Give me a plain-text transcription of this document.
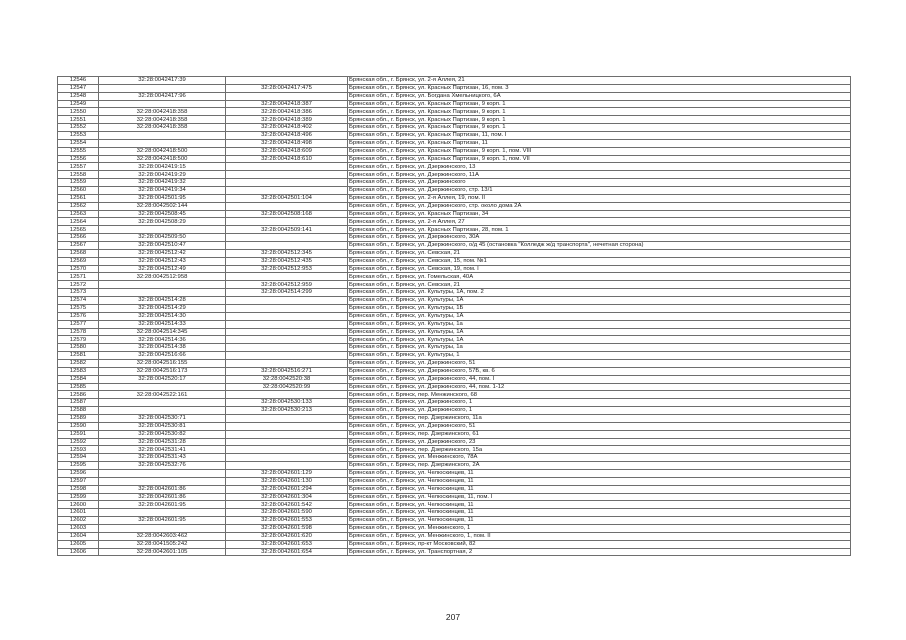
12546	32:28:0042417:39		Брянская обл., г. Брянск, ул. 2-я Аллея, 21
12547		32:28:0042417:475	Брянская обл., г. Брянск, ул. Красных Партизан, 16, пом. 3
12548	32:28:0042417:96		Брянская обл., г. Брянск, ул. Богдана Хмельницкого, 6А
12549		32:28:0042418:387	Брянская обл., г. Брянск, ул. Красных Партизан, 9 корп. 1
12550	32:28:0042418:358	32:28:0042418:386	Брянская обл., г. Брянск, ул. Красных Партизан, 9 корп. 1
12551	32:28:0042418:358	32:28:0042418:389	Брянская обл., г. Брянск, ул. Красных Партизан, 9 корп. 1
12552	32:28:0042418:358	32:28:0042418:402	Брянская обл., г. Брянск, ул. Красных Партизан, 9 корп. 1
12553		32:28:0042418:496	Брянская обл., г. Брянск, ул. Красных Партизан, 11, пом. I
12554		32:28:0042418:498	Брянская обл., г. Брянск, ул. Красных Партизан, 11
12555	32:28:0042418:500	32:28:0042418:609	Брянская обл., г. Брянск, ул. Красных Партизан, 9 корп. 1, пом. VIII
12556	32:28:0042418:500	32:28:0042418:610	Брянская обл., г. Брянск, ул. Красных Партизан, 9 корп. 1, пом. VII
12557	32:28:0042419:15		Брянская обл., г. Брянск, ул. Дзержинского, 13
12558	32:28:0042419:29		Брянская обл., г. Брянск, ул. Дзержинского, 11А
12559	32:28:0042419:32		Брянская обл., г. Брянск, ул. Дзержинского
12560	32:28:0042419:34		Брянская обл., г. Брянск, ул. Дзержинского, стр. 13/1
12561	32:28:0042501:95	32:28:0042501:104	Брянская обл., г. Брянск, ул. 2-я Аллея, 19, пом. II
12562	32:28:0042502:144		Брянская обл., г. Брянск, ул. Дзержинского, стр. около дома 2А
12563	32:28:0042508:45	32:28:0042508:168	Брянская обл., г. Брянск, ул. Красных Партизан, 34
12564	32:28:0042508:29		Брянская обл., г. Брянск, ул. 2-я Аллея, 27
12565		32:28:0042509:141	Брянская обл., г. Брянск, ул. Красных Партизан, 28, пом. 1
12566	32:28:0042509:50		Брянская обл., г. Брянск, ул. Дзержинского, 30А
12567	32:28:0042510:47		Брянская обл., г. Брянск, ул. Дзержинского, о/д 45 (остановка "Колледж ж/д транспорта", нечетная сторона)
12568	32:28:0042512:42	32:28:0042512:345	Брянская обл., г. Брянск, ул. Севская, 21
12569	32:28:0042512:43	32:28:0042512:435	Брянская обл., г. Брянск, ул. Севская, 15, пом. №1
12570	32:28:0042512:49	32:28:0042512:953	Брянская обл., г. Брянск, ул. Севская, 19, пом. I
12571	32:28:0042512:958		Брянская обл., г. Брянск, ул. Гомельская, 40А
12572		32:28:0042512:959	Брянская обл., г. Брянск, ул. Севская, 21
12573		32:28:0042514:299	Брянская обл., г. Брянск, ул. Культуры, 1А, пом. 2
12574	32:28:0042514:28		Брянская обл., г. Брянск, ул. Культуры, 1А
12575	32:28:0042514:29		Брянская обл., г. Брянск, ул. Культуры, 1Б
12576	32:28:0042514:30		Брянская обл., г. Брянск, ул. Культуры, 1А
12577	32:28:0042514:33		Брянская обл., г. Брянск, ул. Культуры, 1а
12578	32:28:0042514:345		Брянская обл., г. Брянск, ул. Культуры, 1А
12579	32:28:0042514:36		Брянская обл., г. Брянск, ул. Культуры, 1А
12580	32:28:0042514:38		Брянская обл., г. Брянск, ул. Культуры, 1а
12581	32:28:0042516:66		Брянская обл., г. Брянск, ул. Культуры, 1
12582	32:28:0042516:155		Брянская обл., г. Брянск, ул. Дзержинского, 51
12583	32:28:0042516:173	32:28:0042516:271	Брянская обл., г. Брянск, ул. Дзержинского, 57Б, кв. 6
12584	32:28:0042520:17	32:28:0042520:38	Брянская обл., г. Брянск, ул. Дзержинского, 44, пом. I
12585		32:28:0042520:99	Брянская обл., г. Брянск, ул. Дзержинского, 44, пом. 1-12
12586	32:28:0042522:161		Брянская обл., г. Брянск, пер. Менжинского, 68
12587		32:28:0042530:133	Брянская обл., г. Брянск, ул. Дзержинского, 1
12588		32:28:0042530:213	Брянская обл., г. Брянск, ул. Дзержинского, 1
12589	32:28:0042530:71		Брянская обл., г. Брянск, пер. Дзержинского, 11а
12590	32:28:0042530:81		Брянская обл., г. Брянск, ул. Дзержинского, 51
12591	32:28:0042530:82		Брянская обл., г. Брянск, пер. Дзержинского, 61
12592	32:28:0042531:28		Брянская обл., г. Брянск, ул. Дзержинского, 23
12593	32:28:0042531:41		Брянская обл., г. Брянск, пер. Дзержинского, 15а
12594	32:28:0042531:43		Брянская обл., г. Брянск, ул. Менжинского, 78А
12595	32:28:0042532:76		Брянская обл., г. Брянск, пер. Дзержинского, 2А
12596		32:28:0042601:129	Брянская обл., г. Брянск, ул. Челюскинцев, 11
12597		32:28:0042601:130	Брянская обл., г. Брянск, ул. Челюскинцев, 11
12598	32:28:0042601:86	32:28:0042601:294	Брянская обл., г. Брянск, ул. Челюскинцев, 11
12599	32:28:0042601:86	32:28:0042601:304	Брянская обл., г. Брянск, ул. Челюскинцев, 11, пом. I
12600	32:28:0042601:95	32:28:0042601:542	Брянская обл., г. Брянск, ул. Челюскинцев, 11
12601		32:28:0042601:590	Брянская обл., г. Брянск, ул. Челюскинцев, 11
12602	32:28:0042601:95	32:28:0042601:553	Брянская обл., г. Брянск, ул. Челюскинцев, 11
12603		32:28:0042601:598	Брянская обл., г. Брянск, ул. Менжинского, 1
12604	32:28:0042603:462	32:28:0042601:620	Брянская обл., г. Брянск, ул. Менжинского, 1, пом. II
12605	32:28:0041505:242	32:28:0042601:653	Брянская обл., г. Брянск, пр-кт Московский, 82
12606	32:28:0042601:105	32:28:0042601:654	Брянская обл., г. Брянск, ул. Транспортная, 2
207
